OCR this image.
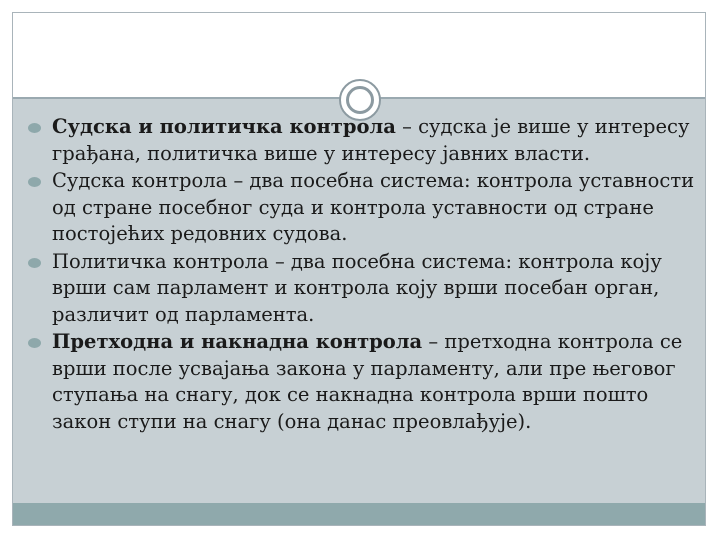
Судска и политичка контрола – судска је више у интересу грађана, политичка више у интересу јавних власти.
Судска контрола – два посебна система: контрола уставности од стране посебног суда и контрола уставности од стране постојећих редовних судова.
Политичка контрола – два посебна система: контрола коју врши сам парламент и контрола коју врши посебан орган, различит од парламента.
Претходна и накнадна контрола – претходна контрола се врши после усвајања закона у парламенту, али пре његовог ступања на снагу, док се накнадна контрола врши пошто закон ступи на снагу (она данас преовлађује).
